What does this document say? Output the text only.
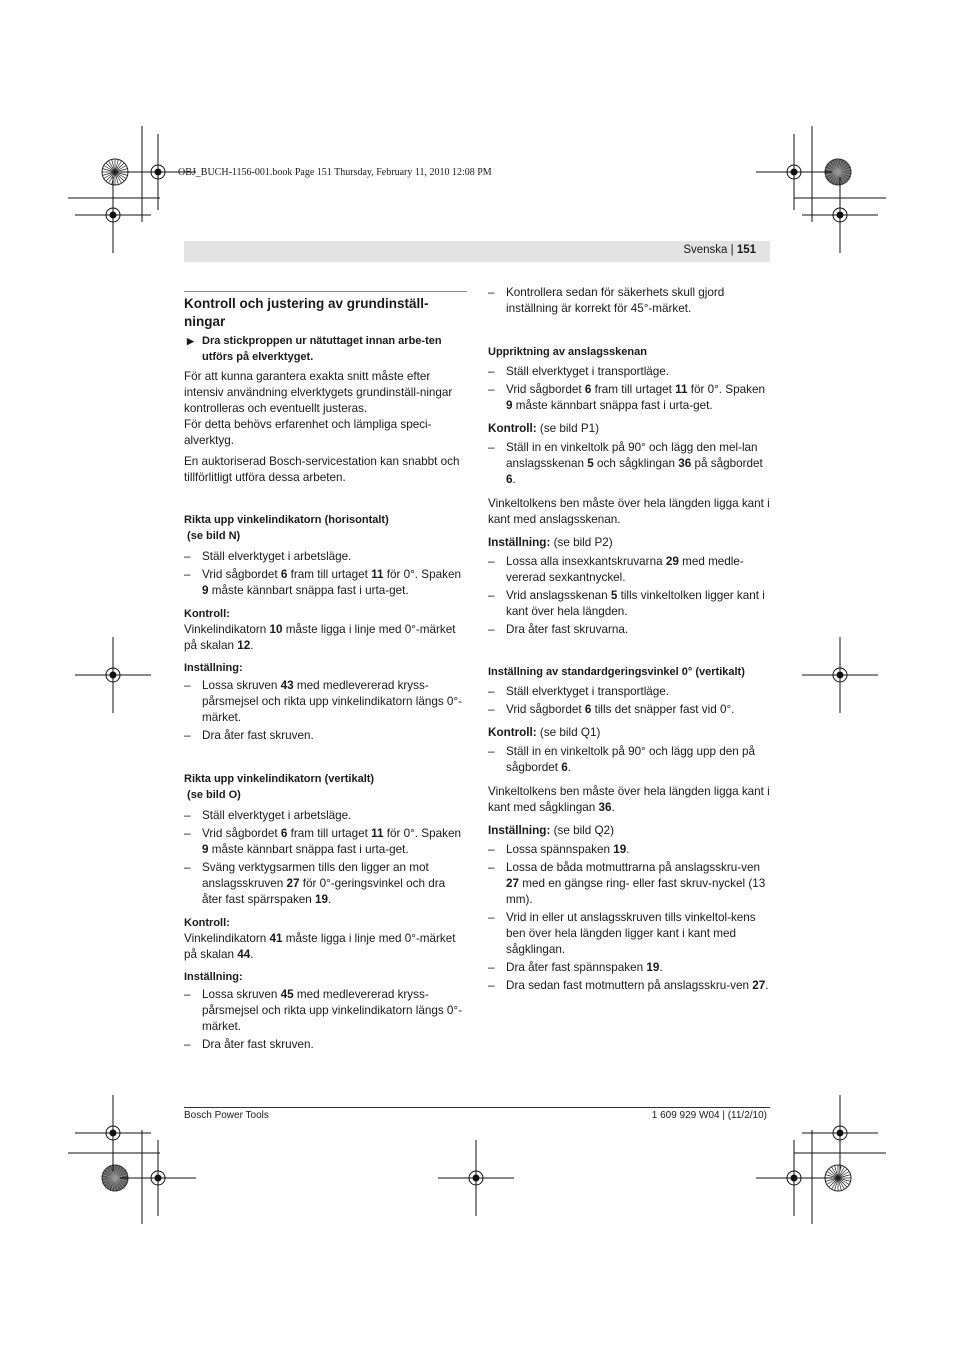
OBJ_BUCH-1156-001.book Page 151 Thursday, February 11, 2010 12:08 PM
Svenska | 151

Kontroll och justering av grundinställ-ningar

▶ Dra stickproppen ur nätuttaget innan arbe-ten utförs på elverktyget.

För att kunna garantera exakta snitt måste efter intensiv användning elverktygets grundinställ-ningar kontrolleras och eventuellt justeras.

För detta behövs erfarenhet och lämpliga speci-alverktyg.

En auktoriserad Bosch-servicestation kan snabbt och tillförlitligt utföra dessa arbeten.

Rikta upp vinkelindikatorn (horisontalt)
(se bild N)

– Ställ elverktyget i arbetsläge.

– Vrid sågbordet 6 fram till urtaget 11 för 0°. Spaken 9 måste kännbart snäppa fast i urta-get.

Kontroll:

Vinkelindikatorn 10 måste ligga i linje med 0°-märket på skalan 12.

Inställning:

– Lossa skruven 43 med medlevererad kryss-pårsmejsel och rikta upp vinkelindikatorn längs 0°-märket.

– Dra åter fast skruven.

Rikta upp vinkelindikatorn (vertikalt)
(se bild O)

– Ställ elverktyget i arbetsläge.

– Vrid sågbordet 6 fram till urtaget 11 för 0°. Spaken 9 måste kännbart snäppa fast i urta-get.

– Sväng verktygsarmen tills den ligger an mot anslagsskruven 27 för 0°-geringsvinkel och dra åter fast spärrspaken 19.

Kontroll:

Vinkelindikatorn 41 måste ligga i linje med 0°-märket på skalan 44.

Inställning:

– Lossa skruven 45 med medlevererad kryss-pårsmejsel och rikta upp vinkelindikatorn längs 0°-märket.

– Dra åter fast skruven.

– Kontrollera sedan för säkerhets skull gjord inställning är korrekt för 45°-märket.

Uppriktning av anslagsskenan

– Ställ elverktyget i transportläge.

– Vrid sågbordet 6 fram till urtaget 11 för 0°. Spaken 9 måste kännbart snäppa fast i urta-get.

Kontroll: (se bild P1)

– Ställ in en vinkeltolk på 90° och lägg den mel-lan anslagsskenan 5 och sågklingan 36 på sågbordet 6.

Vinkeltolkens ben måste över hela längden ligga kant i kant med anslagsskenan.

Inställning: (se bild P2)

– Lossa alla insexkantskruvarna 29 med medle-vererad sexkantnyckel.

– Vrid anslagsskenan 5 tills vinkeltolken ligger kant i kant över hela längden.

– Dra åter fast skruvarna.

Inställning av standardgeringsvinkel 0° (vertikalt)

– Ställ elverktyget i transportläge.

– Vrid sågbordet 6 tills det snäpper fast vid 0°.

Kontroll: (se bild Q1)

– Ställ in en vinkeltolk på 90° och lägg upp den på sågbordet 6.

Vinkeltolkens ben måste över hela längden ligga kant i kant med sågklingan 36.

Inställning: (se bild Q2)

– Lossa spännspaken 19.

– Lossa de båda motmuttrarna på anslagsskru-ven 27 med en gängse ring- eller fast skruv-nyckel (13 mm).

– Vrid in eller ut anslagsskruven tills vinkeltol-kens ben över hela längden ligger kant i kant med sågklingan.

– Dra åter fast spännspaken 19.

– Dra sedan fast motmuttern på anslagsskru-ven 27.

Bosch Power Tools	1 609 929 W04 | (11/2/10)
